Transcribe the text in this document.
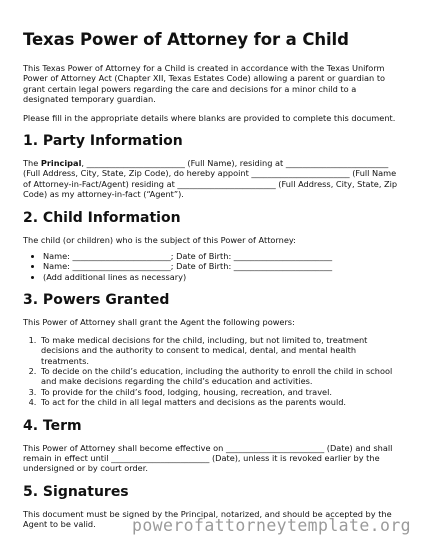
Texas Power of Attorney for a Child

This Texas Power of Attorney for a Child is created in accordance with the Texas Uniform Power of Attorney Act (Chapter XII, Texas Estates Code) allowing a parent or guardian to grant certain legal powers regarding the care and decisions for a minor child to a designated temporary guardian.

Please fill in the appropriate details where blanks are provided to complete this document.

1. Party Information

The Principal, ________________________ (Full Name), residing at _________________________ (Full Address, City, State, Zip Code), do hereby appoint ________________________ (Full Name of Attorney-in-Fact/Agent) residing at ________________________ (Full Address, City, State, Zip Code) as my attorney-in-fact (“Agent”).

2. Child Information

The child (or children) who is the subject of this Power of Attorney:

• Name: ________________________; Date of Birth: ________________________
• Name: ________________________; Date of Birth: ________________________
• (Add additional lines as necessary)
3. Powers Granted

This Power of Attorney shall grant the Agent the following powers:

1. To make medical decisions for the child, including, but not limited to, treatment decisions and the authority to consent to medical, dental, and mental health treatments.
2. To decide on the child’s education, including the authority to enroll the child in school and make decisions regarding the child’s education and activities.
3. To provide for the child’s food, lodging, housing, recreation, and travel.
4. To act for the child in all legal matters and decisions as the parents would.
4. Term

This Power of Attorney shall become effective on ________________________ (Date) and shall remain in effect until ________________________ (Date), unless it is revoked earlier by the undersigned or by court order.

5. Signatures

This document must be signed by the Principal, notarized, and should be accepted by the Agent to be valid.	powerofattorneytemplate.org
